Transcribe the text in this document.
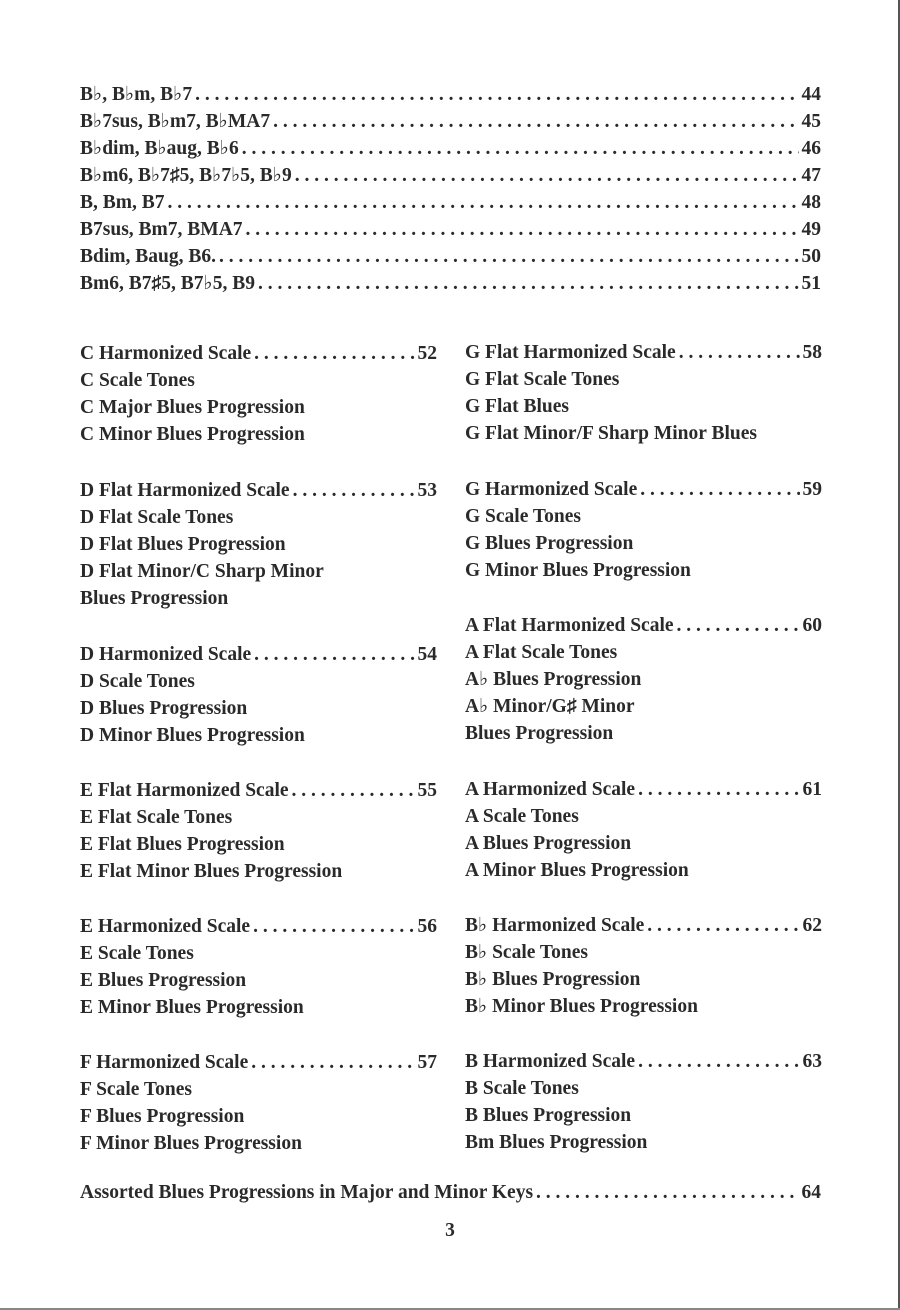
B♭, B♭m, B♭7 . . .	44
B♭7sus, B♭m7, B♭MA7 . . .	45
B♭dim, B♭aug, B♭6 . . .	46
B♭m6, B♭7♯5, B♭7♭5, B♭9 . . .	47
B, Bm, B7 . . .	48
B7sus, Bm7, BMA7 . . .	49
Bdim, Baug, B6. . . .	50
Bm6, B7♯5, B7♭5, B9 . . .	51
C Harmonized Scale . . .	52
C Scale Tones
C Major Blues Progression
C Minor Blues Progression
D Flat Harmonized Scale . . .	53
D Flat Scale Tones
D Flat Blues Progression
D Flat Minor/C Sharp Minor
Blues Progression
D Harmonized Scale . . .	54
D Scale Tones
D Blues Progression
D Minor Blues Progression
E Flat Harmonized Scale . . .	55
E Flat Scale Tones
E Flat Blues Progression
E Flat Minor Blues Progression
E Harmonized Scale . . .	56
E Scale Tones
E Blues Progression
E Minor Blues Progression
F Harmonized Scale . . .	57
F Scale Tones
F Blues Progression
F Minor Blues Progression
G Flat Harmonized Scale . . .	58
G Flat Scale Tones
G Flat Blues
G Flat Minor/F Sharp Minor Blues
G Harmonized Scale . . .	59
G Scale Tones
G Blues Progression
G Minor Blues Progression
A Flat Harmonized Scale . . .	60
A Flat Scale Tones
A♭ Blues Progression
A♭ Minor/G♯ Minor
Blues Progression
A Harmonized Scale . . .	61
A Scale Tones
A Blues Progression
A Minor Blues Progression
B♭ Harmonized Scale . . .	62
B♭ Scale Tones
B♭ Blues Progression
B♭ Minor Blues Progression
B Harmonized Scale . . .	63
B Scale Tones
B Blues Progression
Bm Blues Progression
Assorted Blues Progressions in Major and Minor Keys . . .	64
3
